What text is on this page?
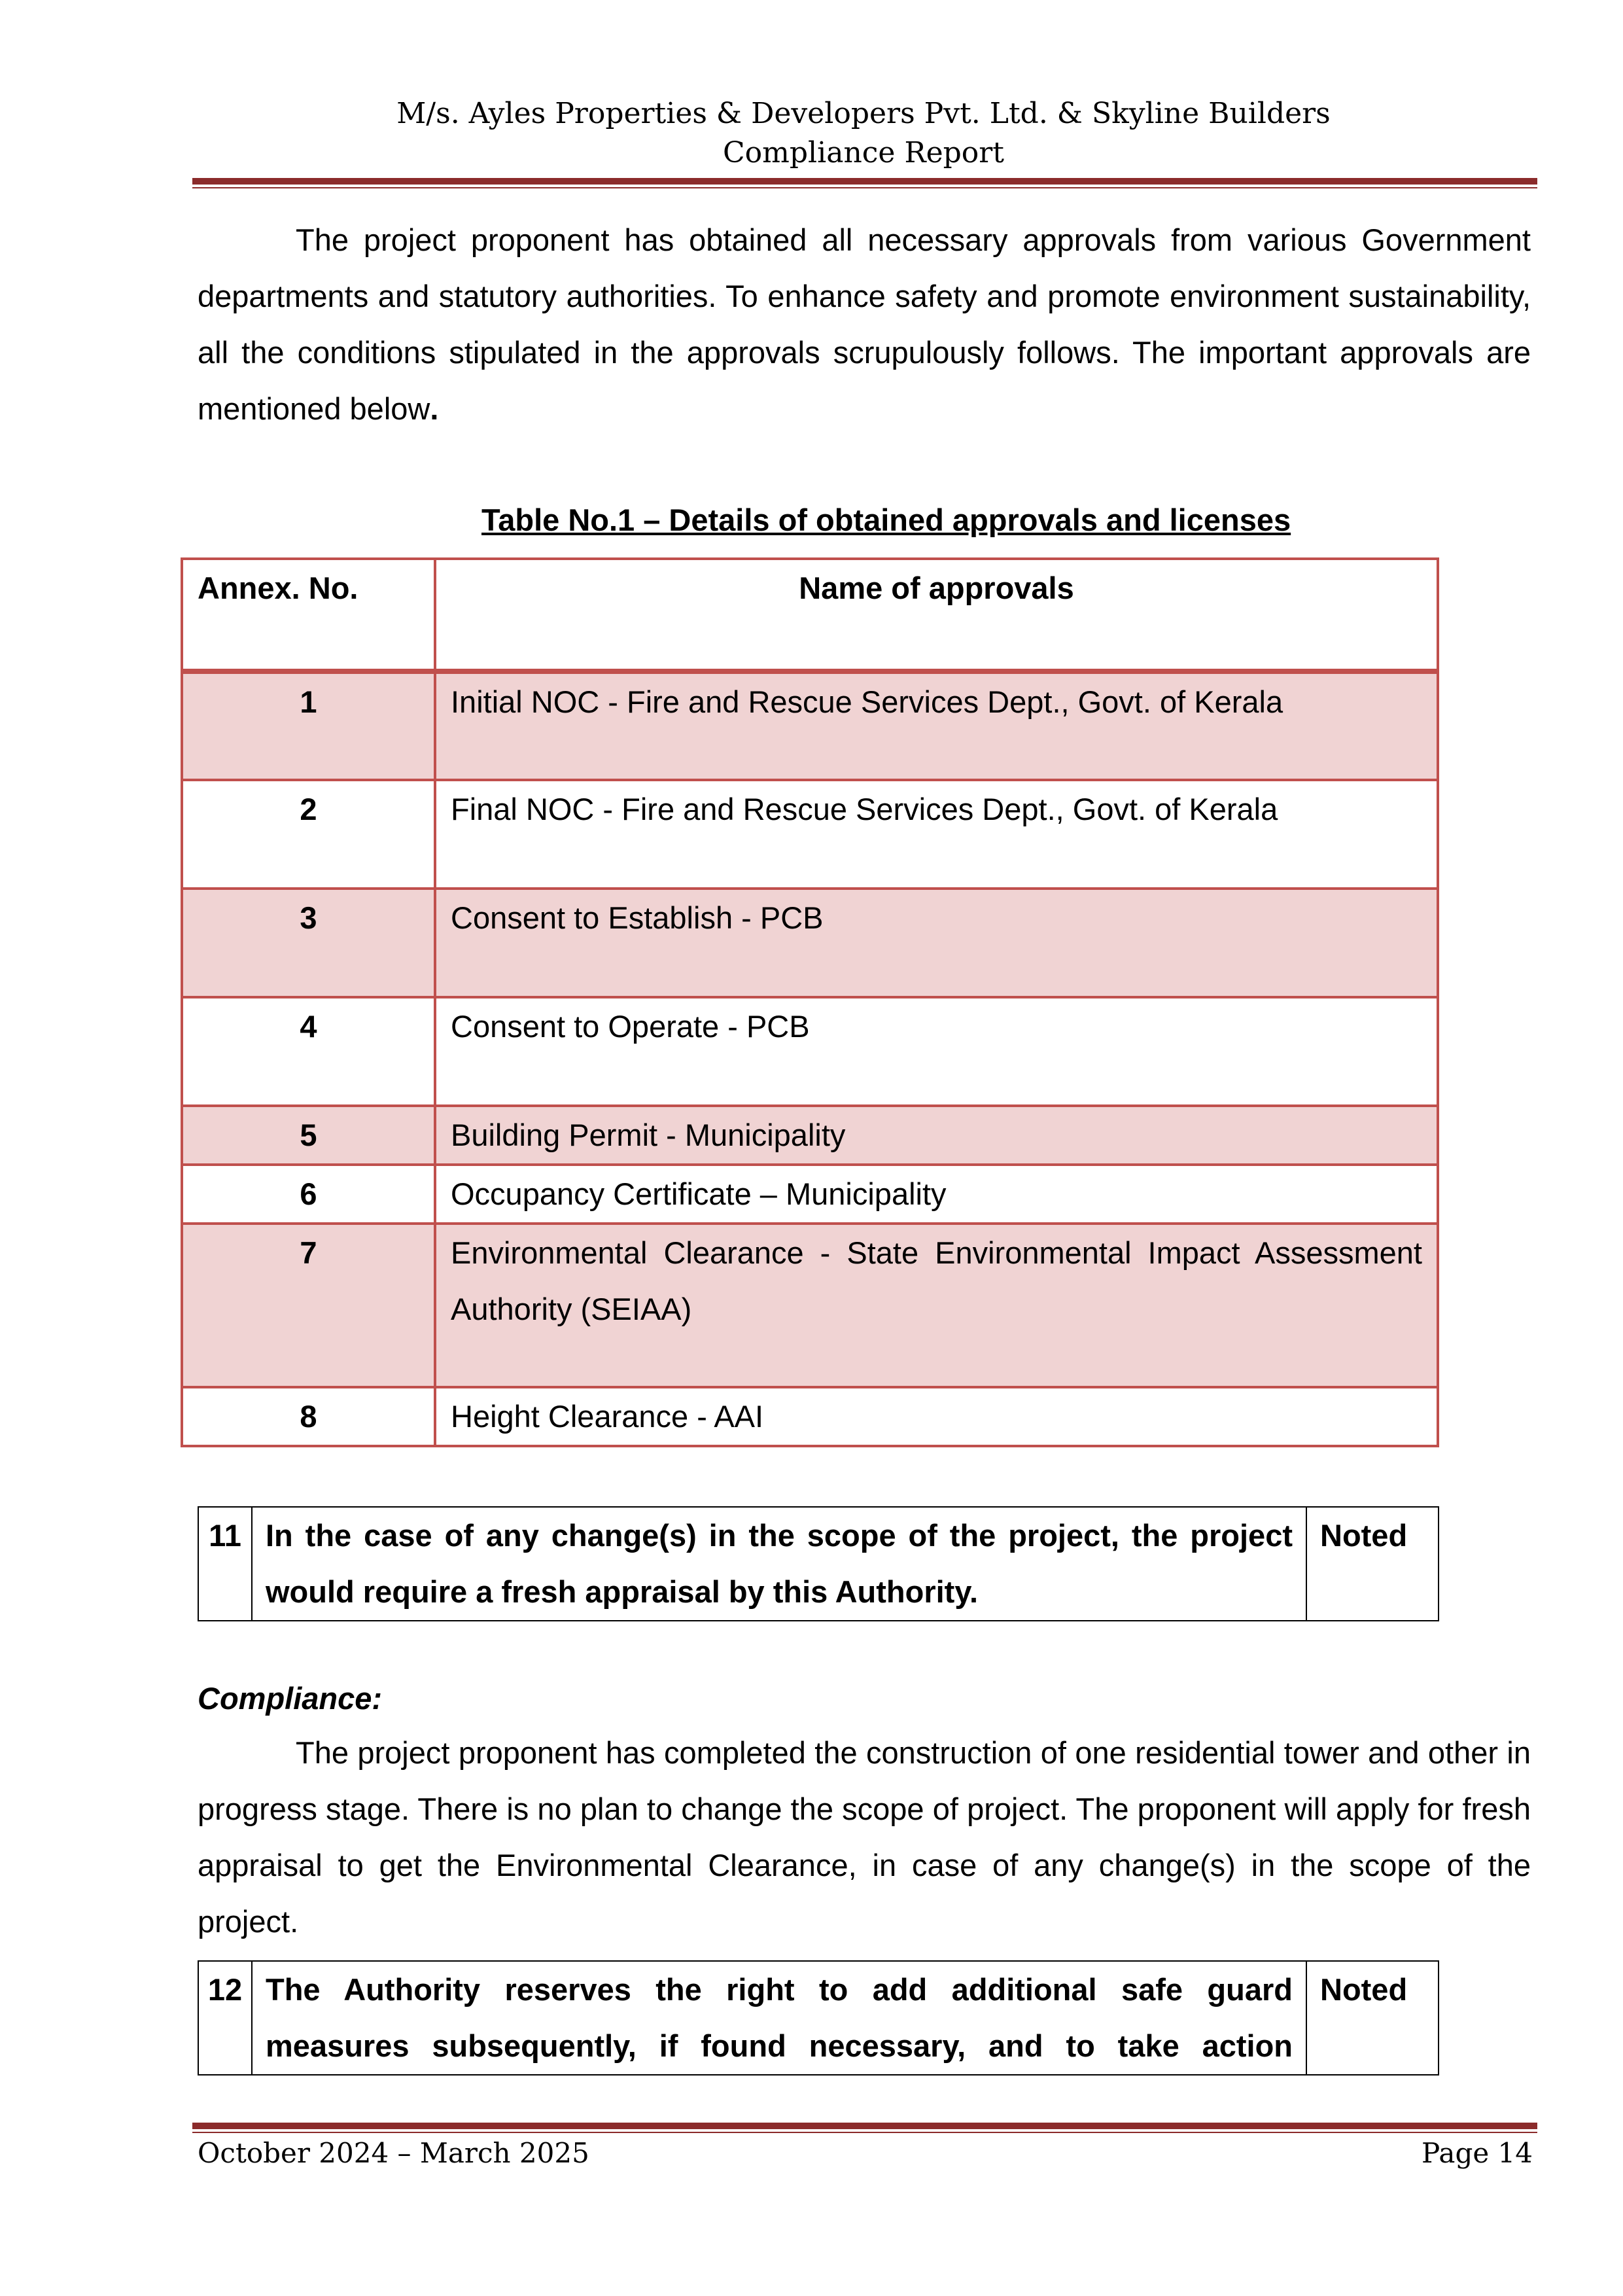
M/s. Ayles Properties & Developers Pvt. Ltd. & Skyline Builders
Compliance Report
The project proponent has obtained all necessary approvals from various Government departments and statutory authorities. To enhance safety and promote environment sustainability, all the conditions stipulated in the approvals scrupulously follows. The important approvals are mentioned below.
Table No.1 – Details of obtained approvals and licenses
Annex. No.	Name of approvals
1	Initial NOC - Fire and Rescue Services Dept., Govt. of Kerala
2	Final NOC - Fire and Rescue Services Dept., Govt. of Kerala
3	Consent to Establish - PCB
4	Consent to Operate - PCB
5	Building Permit - Municipality
6	Occupancy Certificate – Municipality
7	Environmental Clearance - State Environmental Impact Assessment Authority (SEIAA)
8	Height Clearance - AAI
11	In the case of any change(s) in the scope of the project, the project would require a fresh appraisal by this Authority.	Noted
Compliance:
The project proponent has completed the construction of one residential tower and other in progress stage. There is no plan to change the scope of project. The proponent will apply for fresh appraisal to get the Environmental Clearance, in case of any change(s) in the scope of the project.
12	The Authority reserves the right to add additional safe guard measures subsequently, if found necessary, and to take action	Noted
October 2024 – March 2025	Page 14
